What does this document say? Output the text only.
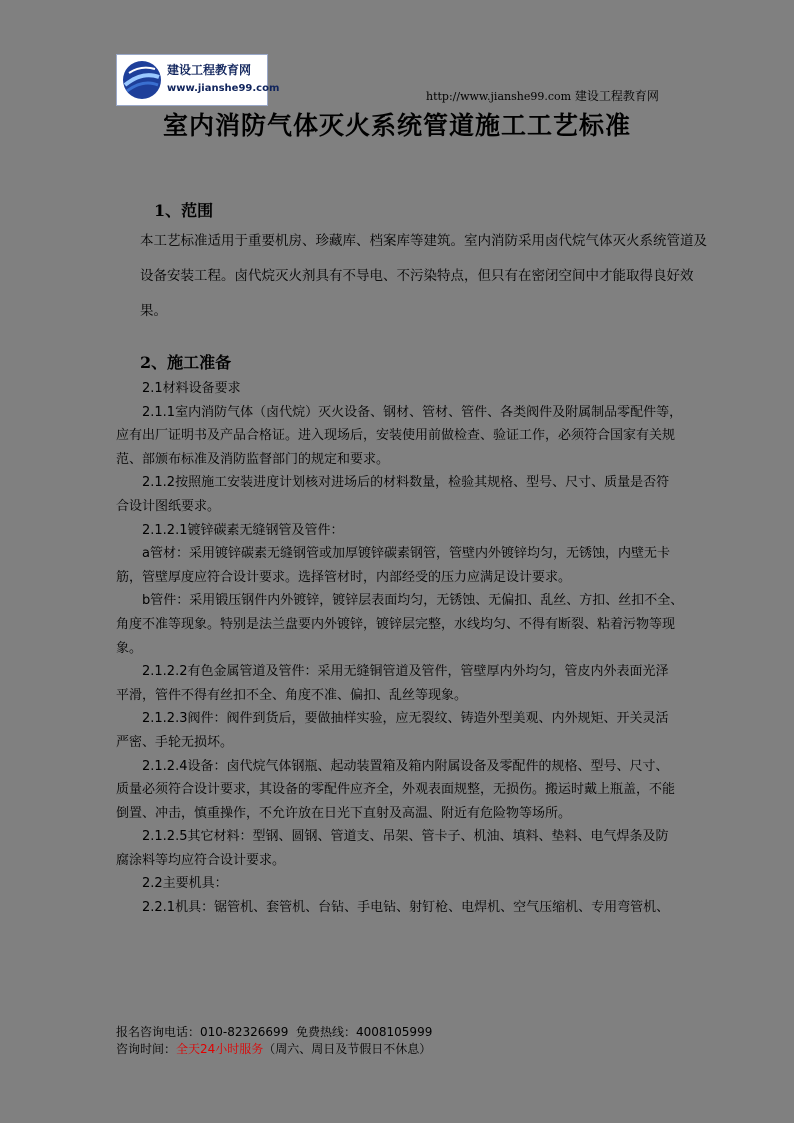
建设工程教育网
www.jianshe99.com
http://www.jianshe99.com 建设工程教育网
室内消防气体灭火系统管道施工工艺标准
1、范围
本工艺标准适用于重要机房、珍藏库、档案库等建筑。室内消防采用卤代烷气体灭火系统管道及设备安装工程。卤代烷灭火剂具有不导电、不污染特点，但只有在密闭空间中才能取得良好效果。
2、施工准备
2.1材料设备要求
　　2.1.1室内消防气体（卤代烷）灭火设备、钢材、管材、管件、各类阀件及附属制品零配件等，
应有出厂证明书及产品合格证。进入现场后，安装使用前做检查、验证工作，必须符合国家有关规
范、部颁布标准及消防监督部门的规定和要求。
　　2.1.2按照施工安装进度计划核对进场后的材料数量，检验其规格、型号、尺寸、质量是否符
合设计图纸要求。
　　2.1.2.1镀锌碳素无缝钢管及管件：
　　a管材：采用镀锌碳素无缝钢管或加厚镀锌碳素钢管，管壁内外镀锌均匀，无锈蚀，内壁无卡
筋，管壁厚度应符合设计要求。选择管材时，内部经受的压力应满足设计要求。
　　b管件：采用锻压钢件内外镀锌，镀锌层表面均匀，无锈蚀、无偏扣、乱丝、方扣、丝扣不全、
角度不准等现象。特别是法兰盘要内外镀锌，镀锌层完整，水线均匀、不得有断裂、粘着污物等现
象。
　　2.1.2.2有色金属管道及管件：采用无缝铜管道及管件，管壁厚内外均匀，管皮内外表面光泽
平滑，管件不得有丝扣不全、角度不准、偏扣、乱丝等现象。
　　2.1.2.3阀件：阀件到货后，要做抽样实验，应无裂纹、铸造外型美观、内外规矩、开关灵活
严密、手轮无损坏。
　　2.1.2.4设备：卤代烷气体钢瓶、起动装置箱及箱内附属设备及零配件的规格、型号、尺寸、
质量必须符合设计要求，其设备的零配件应齐全，外观表面规整，无损伤。搬运时戴上瓶盖，不能
倒置、冲击，慎重操作，不允许放在日光下直射及高温、附近有危险物等场所。
　　2.1.2.5其它材料：型钢、圆钢、管道支、吊架、管卡子、机油、填料、垫料、电气焊条及防
腐涂料等均应符合设计要求。
2.2主要机具：
　　2.2.1机具：锯管机、套管机、台钻、手电钻、射钉枪、电焊机、空气压缩机、专用弯管机、
报名咨询电话：010-82326699 免费热线：4008105999
咨询时间：全天24小时服务（周六、周日及节假日不休息）
